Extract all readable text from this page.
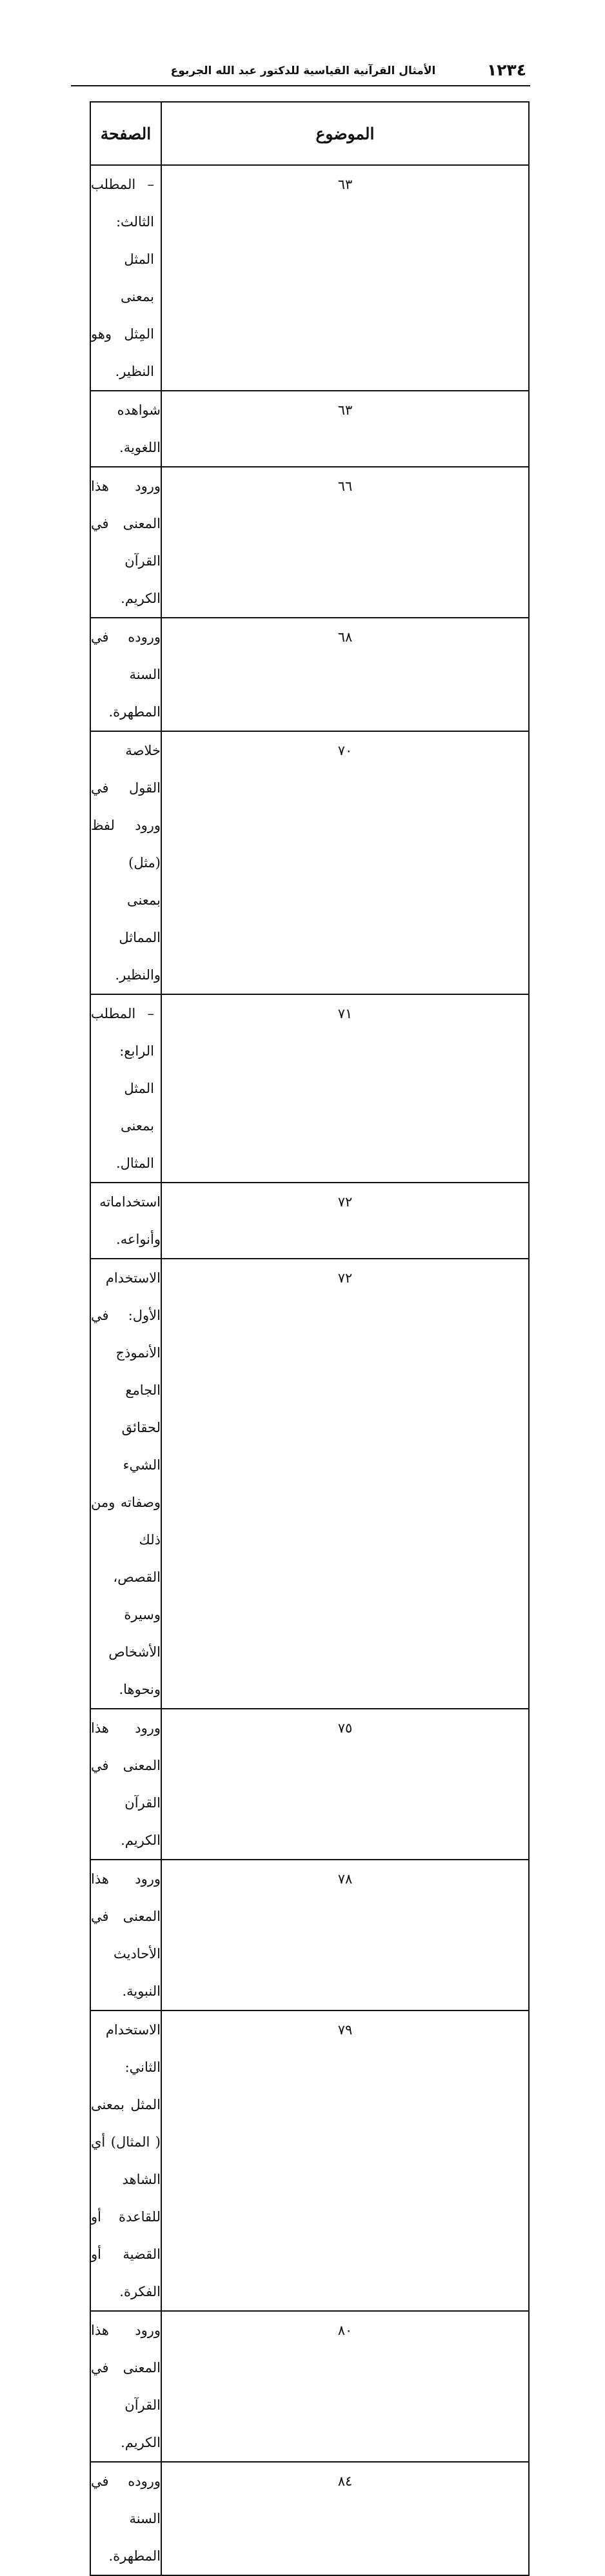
١٢٣٤
الأمثال القرآنية القياسية للدكتور عبد الله الجربوع
الموضوع	الصفحة
٦٣	– المطلب الثالث: المثل بمعنى المِثل وهو النظير.
٦٣	شواهده اللغوية.
٦٦	ورود هذا المعنى في القرآن الكريم.
٦٨	وروده في السنة المطهرة.
٧٠	خلاصة القول في ورود لفظ (مثل) بمعنى المماثل والنظير.
٧١	– المطلب الرابع: المثل بمعنى المثال.
٧٢	استخداماته وأنواعه.
٧٢	الاستخدام الأول: في الأنموذج الجامع لحقائق الشيء وصفاته ومن ذلك القصص، وسيرة الأشخاص ونحوها.
٧٥	ورود هذا المعنى في القرآن الكريم.
٧٨	ورود هذا المعنى في الأحاديث النبوية.
٧٩	الاستخدام الثاني: المثل بمعنى ( المثال) أي الشاهد للقاعدة أو القضية أو الفكرة.
٨٠	ورود هذا المعنى في القرآن الكريم.
٨٤	وروده في السنة المطهرة.
